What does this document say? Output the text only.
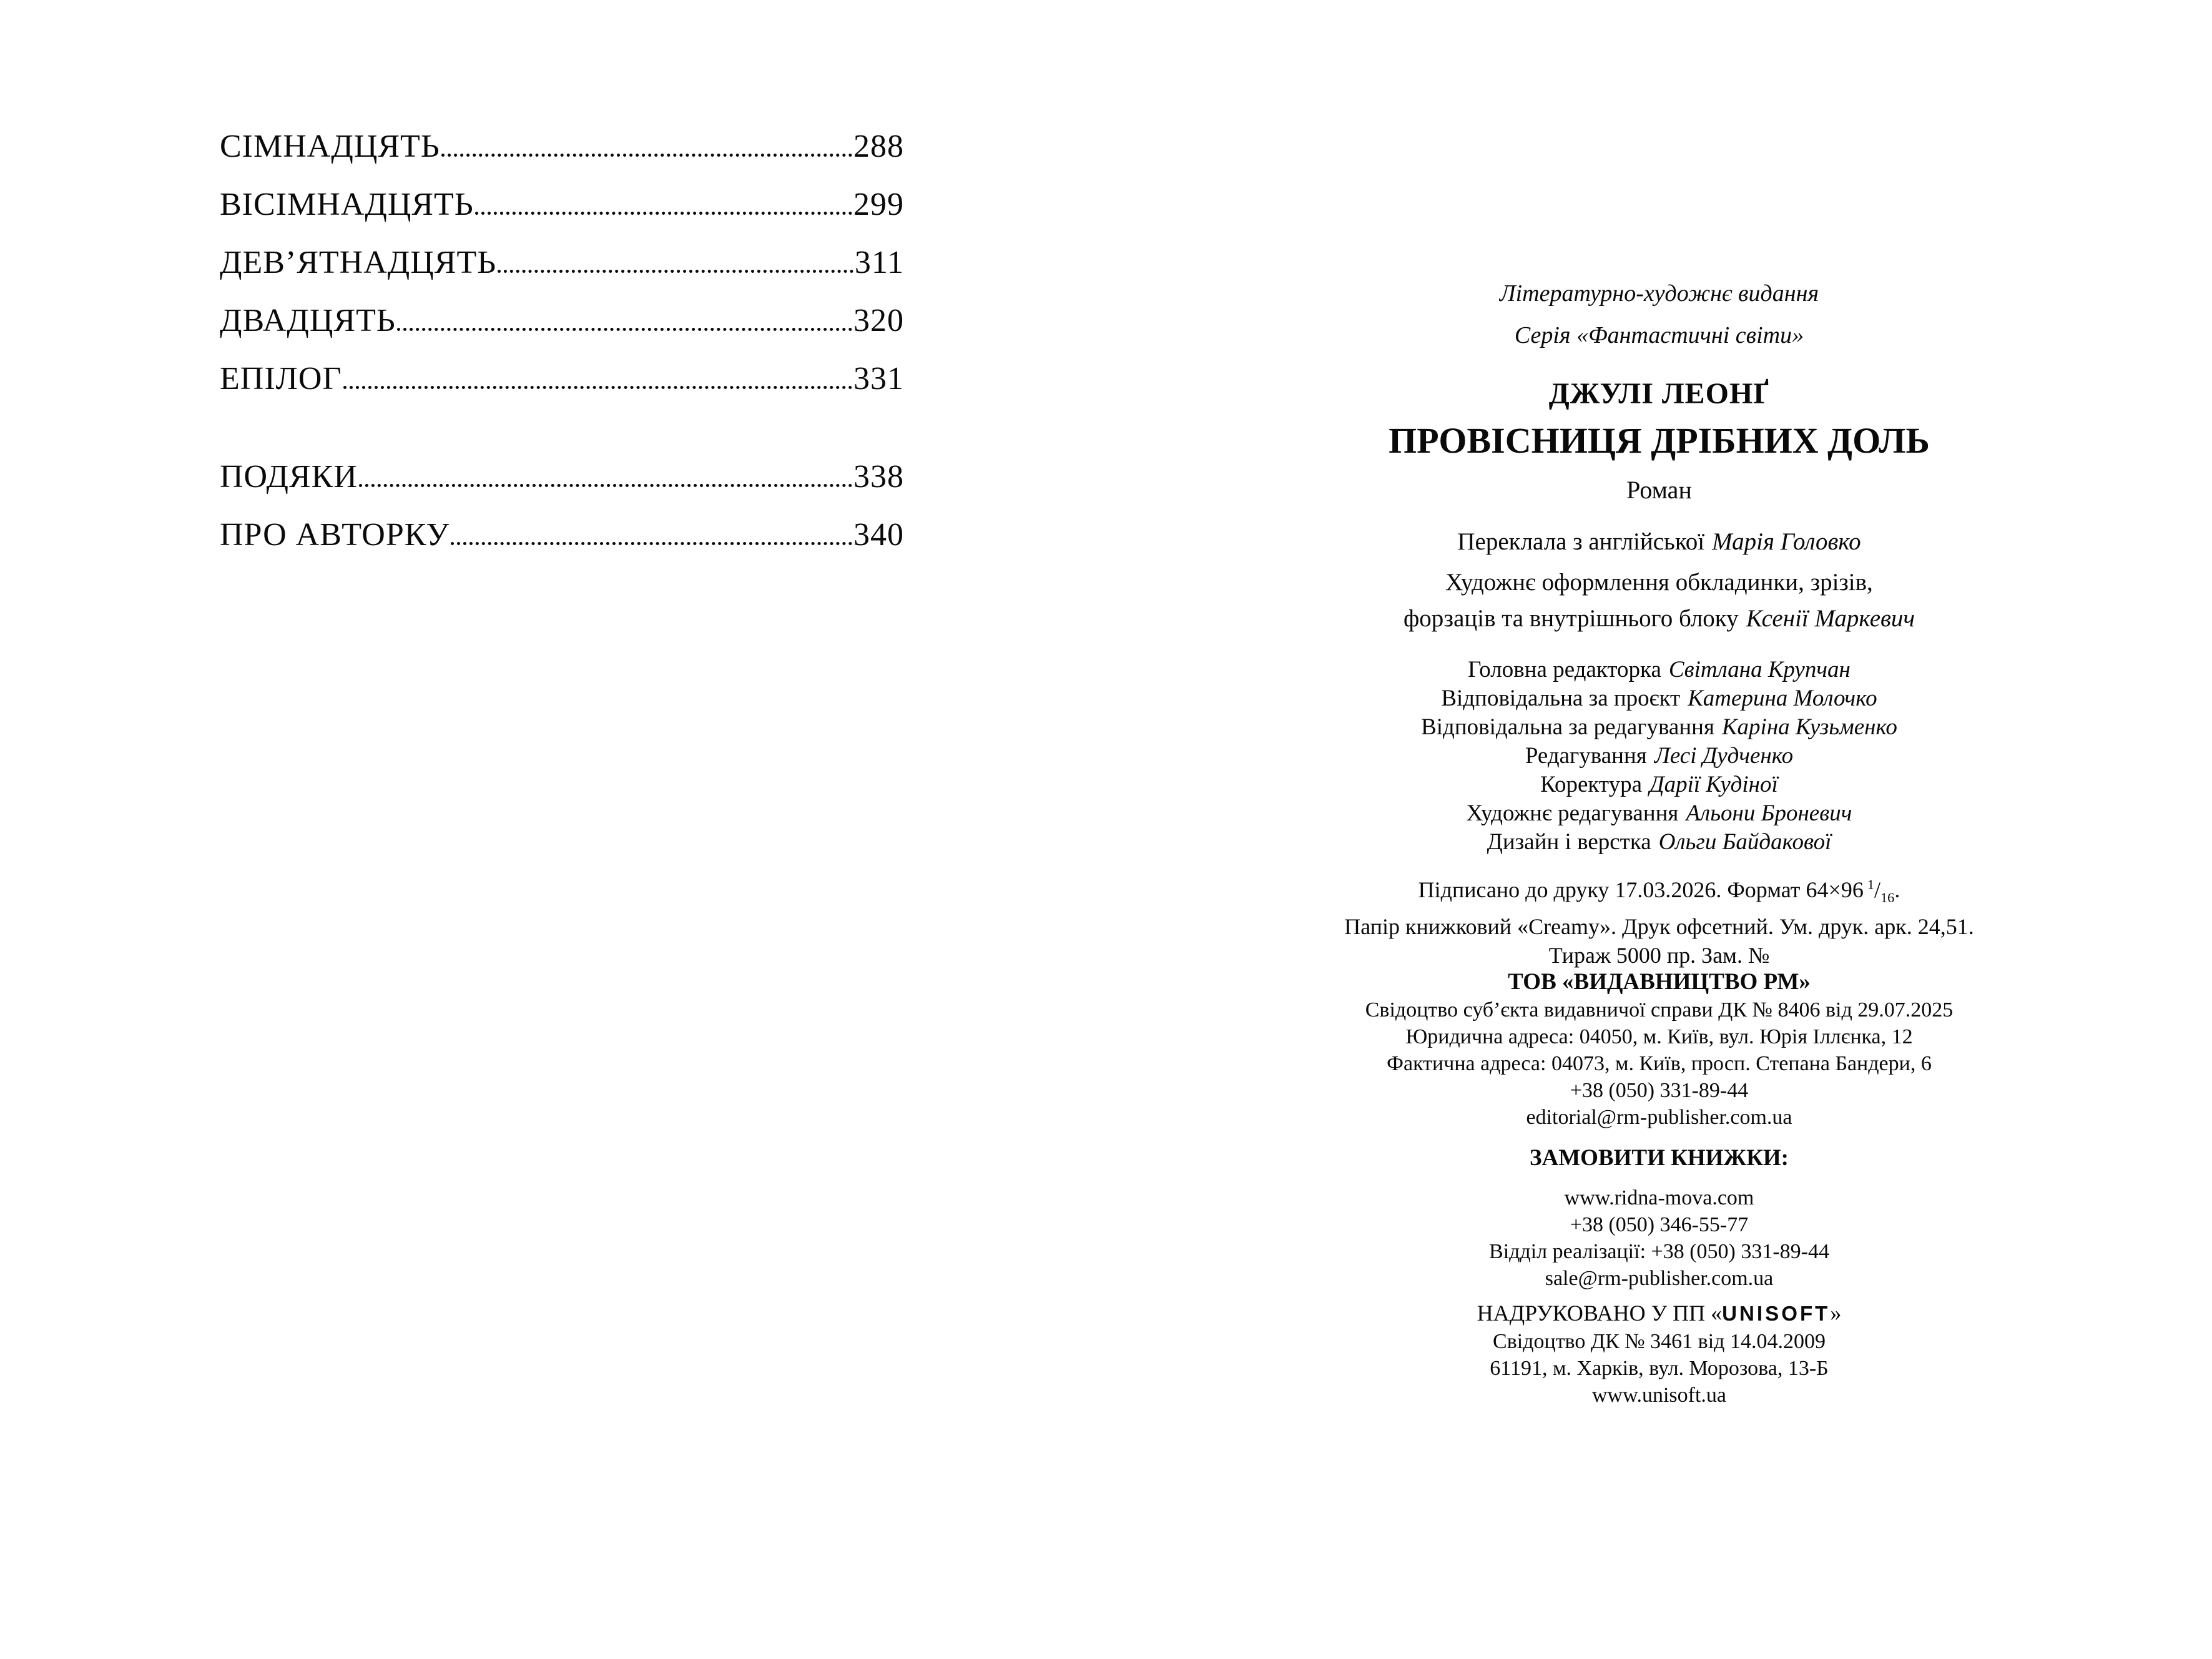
СІМНАДЦЯТЬ	288
ВІСІМНАДЦЯТЬ	299
ДЕВ’ЯТНАДЦЯТЬ	311
ДВАДЦЯТЬ	320
ЕПІЛОГ	331
ПОДЯКИ	338
ПРО АВТОРКУ	340
Літературно-художнє видання
Серія «Фантастичні світи»
ДЖУЛІ ЛЕОНҐ
ПРОВІСНИЦЯ ДРІБНИХ ДОЛЬ
Роман
Переклала з англійської Марія Головко
Художнє оформлення обкладинки, зрізів,
форзаців та внутрішнього блоку Ксенії Маркевич
Головна редакторка Світлана Крупчан
Відповідальна за проєкт Катерина Молочко
Відповідальна за редагування Каріна Кузьменко
Редагування Лесі Дудченко
Коректура Дарії Кудіної
Художнє редагування Альони Броневич
Дизайн і верстка Ольги Байдакової
Підписано до друку 17.03.2026. Формат 64×96 $^1/_{16}$.
Папір книжковий «Creamy». Друк офсетний. Ум. друк. арк. 24,51.
Тираж 5000 пр. Зам. №
ТОВ «ВИДАВНИЦТВО РМ»
Свідоцтво суб’єкта видавничої справи ДК № 8406 від 29.07.2025
Юридична адреса: 04050, м. Київ, вул. Юрія Іллєнка, 12
Фактична адреса: 04073, м. Київ, просп. Степана Бандери, 6
+38 (050) 331-89-44
editorial@rm-publisher.com.ua
ЗАМОВИТИ КНИЖКИ:
www.ridna-mova.com
+38 (050) 346-55-77
Відділ реалізації: +38 (050) 331-89-44
sale@rm-publisher.com.ua
НАДРУКОВАНО У ПП «UNISOFT»
Свідоцтво ДК № 3461 від 14.04.2009
61191, м. Харків, вул. Морозова, 13-Б
www.unisoft.ua
